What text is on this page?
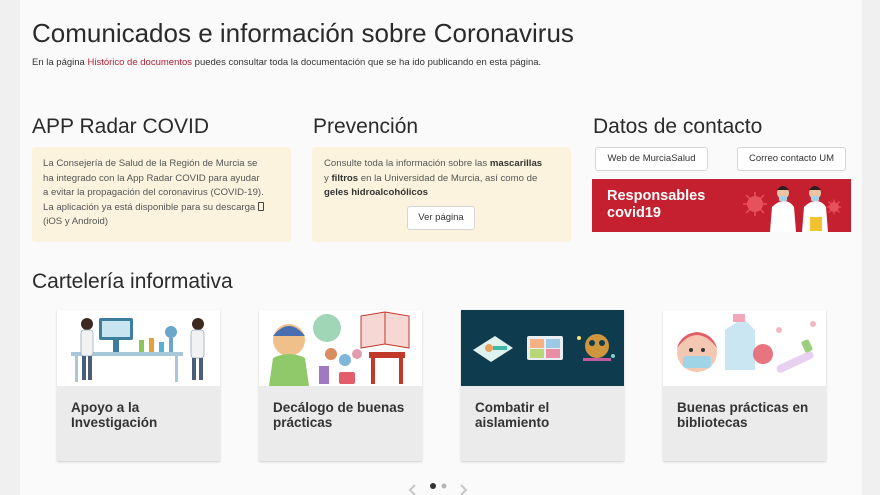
Comunicados e información sobre Coronavirus

En la página Histórico de documentos puedes consultar toda la documentación que se ha ido publicando en esta página.

APP Radar COVID
La Consejería de Salud de la Región de Murcia se
ha integrado con la App Radar COVID para ayudar
a evitar la propagación del coronavirus (COVID-19).
La aplicación ya está disponible para su descarga
(iOS y Android)
Prevención
Consulte toda la información sobre las mascarillas
y filtros en la Universidad de Murcia, así como de
geles hidroalcohólicos
Ver página
Datos de contacto
Web de MurciaSalud	Correo contacto UM
Responsables
covid19
Cartelería informativa
Apoyo a la
Investigación
Decálogo de buenas
prácticas
Combatir el
aislamiento
Buenas prácticas en
bibliotecas
